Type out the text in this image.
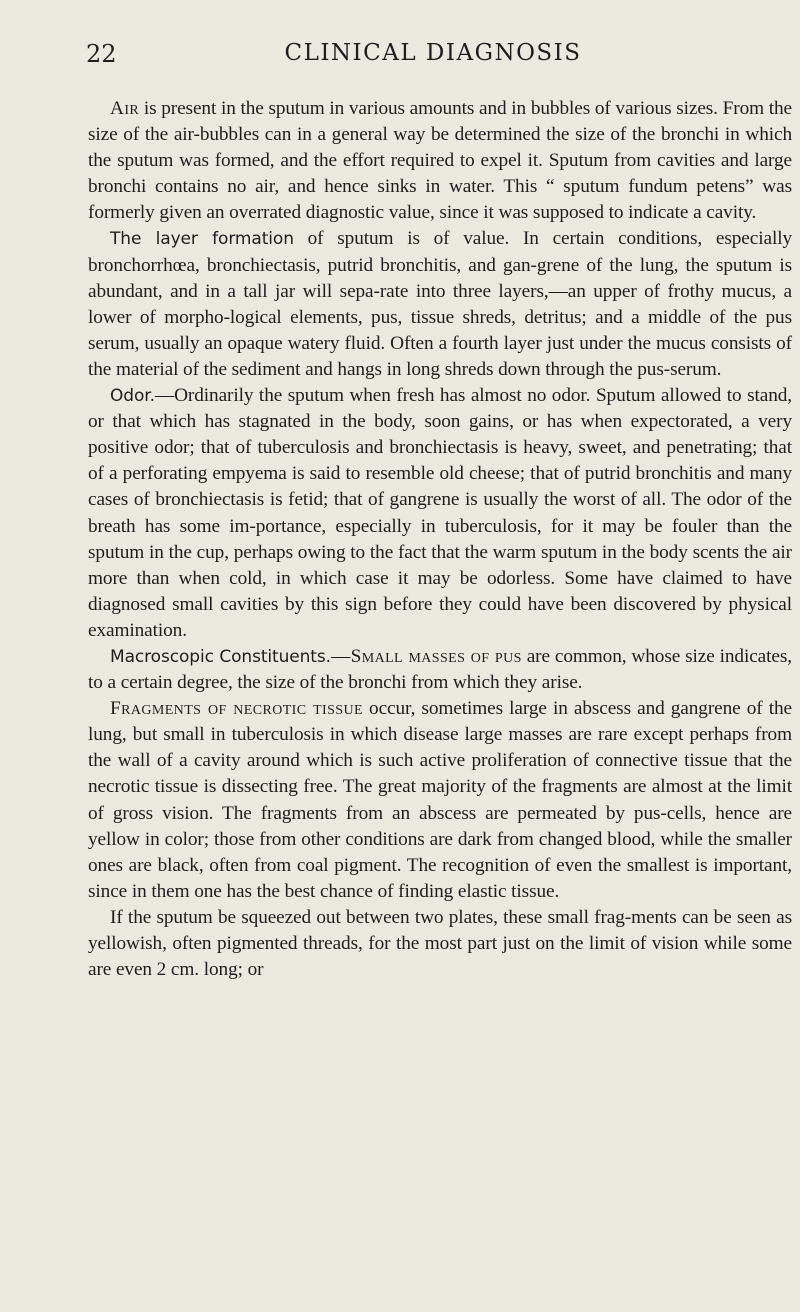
22	CLINICAL DIAGNOSIS

Air is present in the sputum in various amounts and in bubbles of various sizes. From the size of the air-bubbles can in a general way be determined the size of the bronchi in which the sputum was formed, and the effort required to expel it. Sputum from cavities and large bronchi contains no air, and hence sinks in water. This “ sputum fundum petens” was formerly given an overrated diagnostic value, since it was supposed to indicate a cavity.

The layer formation of sputum is of value. In certain conditions, especially bronchorrhœa, bronchiectasis, putrid bronchitis, and gan-grene of the lung, the sputum is abundant, and in a tall jar will sepa-rate into three layers,—an upper of frothy mucus, a lower of morpho-logical elements, pus, tissue shreds, detritus; and a middle of the pus serum, usually an opaque watery fluid. Often a fourth layer just under the mucus consists of the material of the sediment and hangs in long shreds down through the pus-serum.

Odor.—Ordinarily the sputum when fresh has almost no odor. Sputum allowed to stand, or that which has stagnated in the body, soon gains, or has when expectorated, a very positive odor; that of tuberculosis and bronchiectasis is heavy, sweet, and penetrating; that of a perforating empyema is said to resemble old cheese; that of putrid bronchitis and many cases of bronchiectasis is fetid; that of gangrene is usually the worst of all. The odor of the breath has some im-portance, especially in tuberculosis, for it may be fouler than the sputum in the cup, perhaps owing to the fact that the warm sputum in the body scents the air more than when cold, in which case it may be odorless. Some have claimed to have diagnosed small cavities by this sign before they could have been discovered by physical examination.

Macroscopic Constituents.—Small masses of pus are common, whose size indicates, to a certain degree, the size of the bronchi from which they arise.

Fragments of necrotic tissue occur, sometimes large in abscess and gangrene of the lung, but small in tuberculosis in which disease large masses are rare except perhaps from the wall of a cavity around which is such active proliferation of connective tissue that the necrotic tissue is dissecting free. The great majority of the fragments are almost at the limit of gross vision. The fragments from an abscess are permeated by pus-cells, hence are yellow in color; those from other conditions are dark from changed blood, while the smaller ones are black, often from coal pigment. The recognition of even the smallest is important, since in them one has the best chance of finding elastic tissue.

If the sputum be squeezed out between two plates, these small frag-ments can be seen as yellowish, often pigmented threads, for the most part just on the limit of vision while some are even 2 cm. long; or
